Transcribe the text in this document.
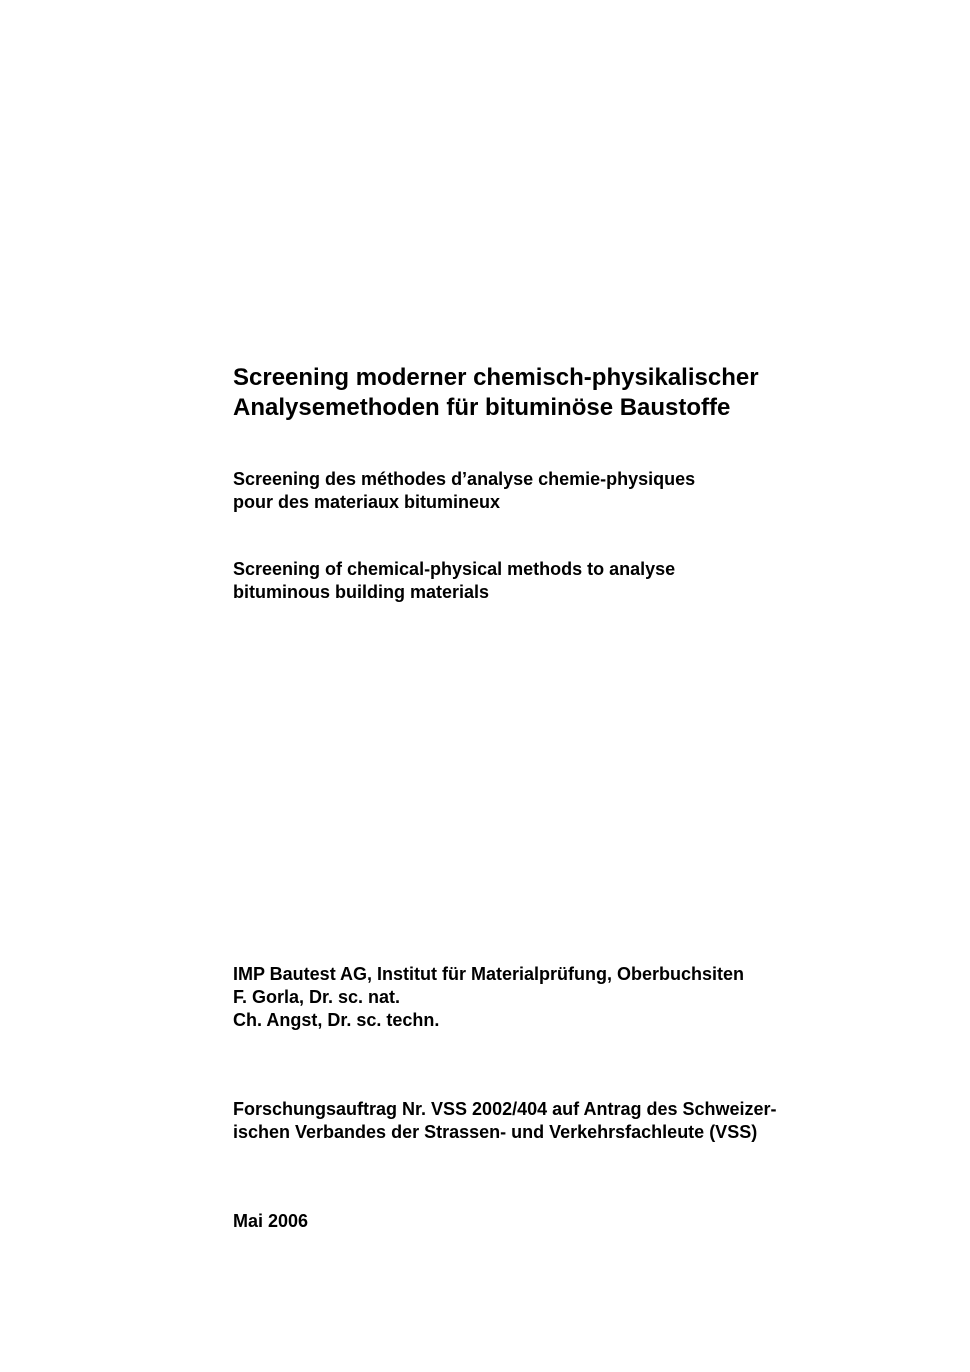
Screening moderner chemisch-physikalischer
Analysemethoden für bituminöse Baustoffe
Screening des méthodes d’analyse chemie-physiques
pour des materiaux bitumineux
Screening of chemical-physical methods to analyse
bituminous building materials
IMP Bautest AG, Institut für Materialprüfung, Oberbuchsiten
F. Gorla, Dr. sc. nat.
Ch. Angst, Dr. sc. techn.
Forschungsauftrag Nr. VSS 2002/404 auf Antrag des Schweizer-
ischen Verbandes der Strassen- und Verkehrsfachleute (VSS)
Mai 2006
